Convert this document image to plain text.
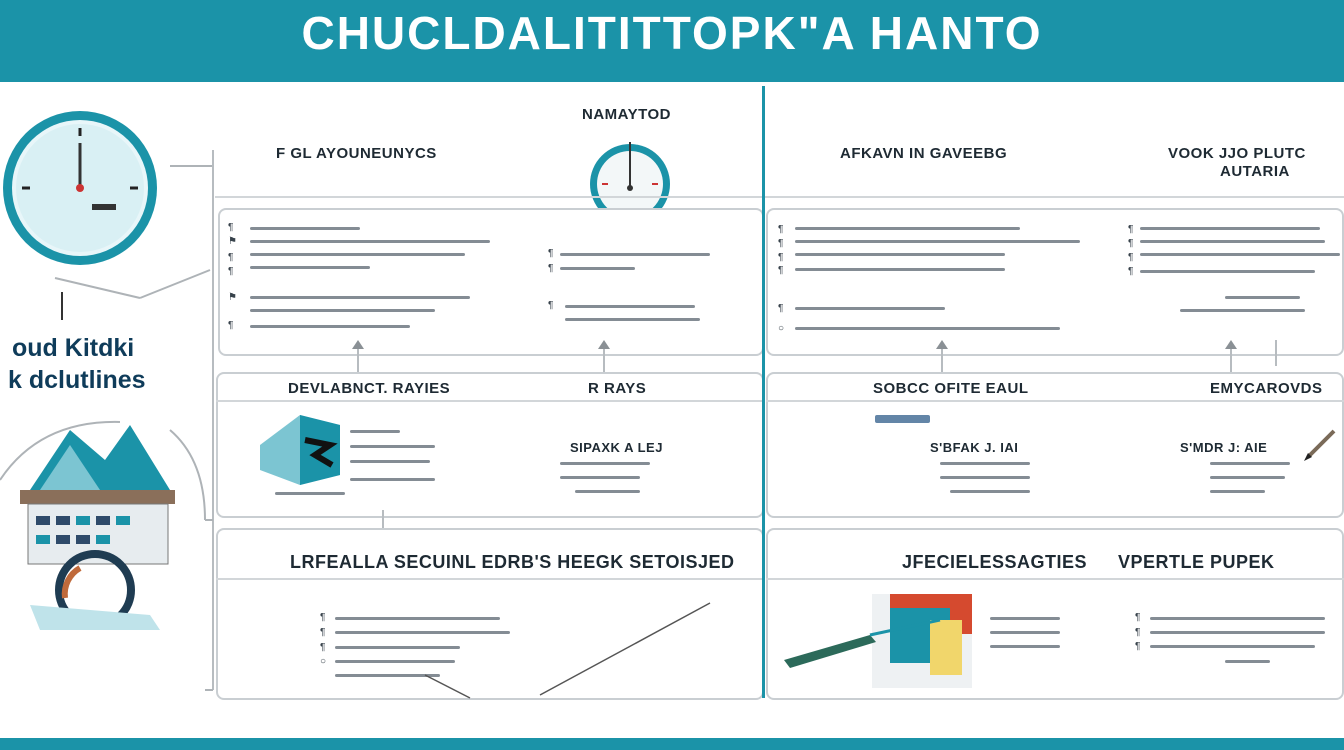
CHUCLDALITITTOPK"A HANTO
oud Kitdki
k dclutlines
NAMAYTOD
F GL AYOUNEUNYCS	AFKAVN IN GAVEEBG	VOOK JJO PLUTC
AUTARIA
¶
⚑
¶
¶
⚑
¶
¶
¶
¶
¶
¶
¶
¶
¶
○
¶
¶
¶
¶
DEVLABNCT. RAYIES	R RAYS	SOBCC OFITE EAUL	EMYCAROVDS
SIPAXK A LEJ	S'BFAK J. IAI	S'MDR J: AIE
LRFEALLA SECUINL EDRB'S HEEGK SETOISJED	JFECIELESSAGTIES VPERTLE PUPEK
¶
¶
¶
○
¶
¶
¶
